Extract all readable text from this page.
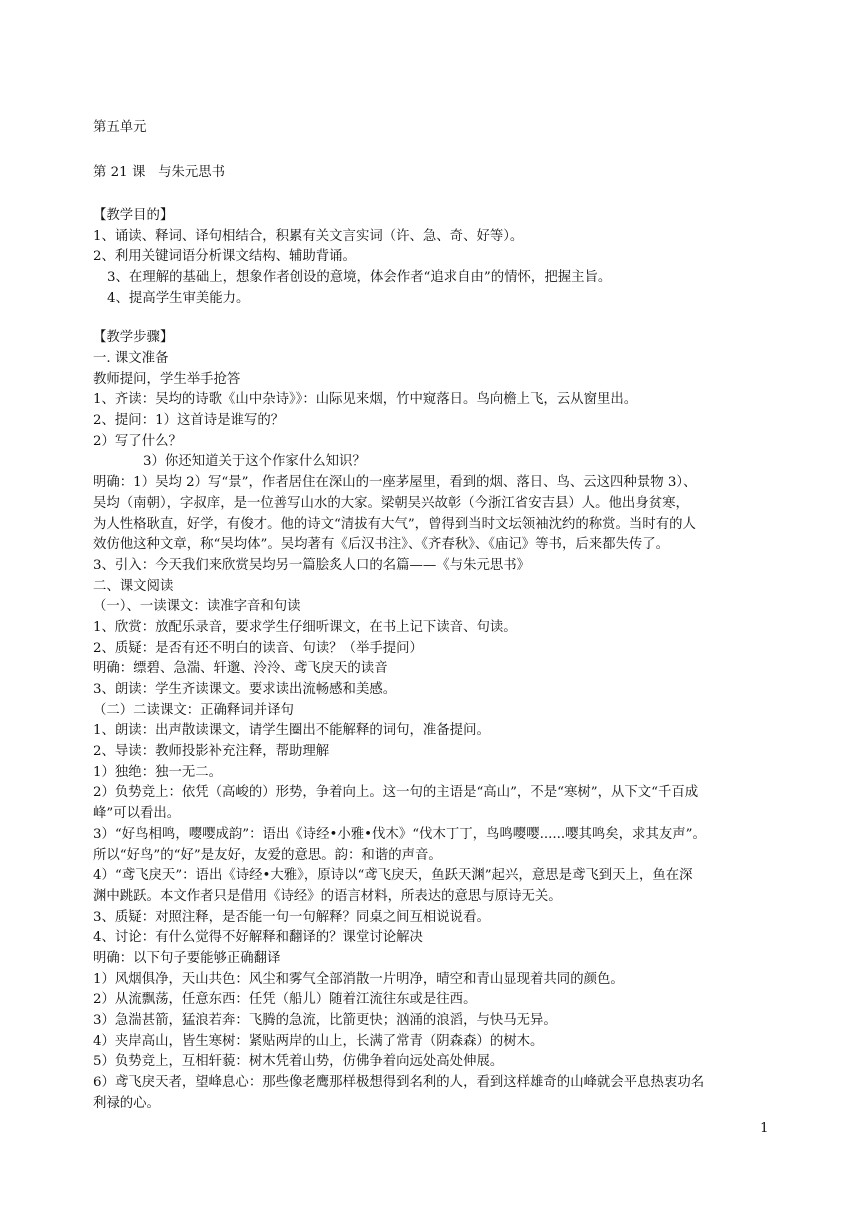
第五单元
第 21 课   与朱元思书
【教学目的】
1、诵读、释词、译句相结合，积累有关文言实词（许、急、奇、好等）。
2、利用关键词语分析课文结构、辅助背诵。
3、在理解的基础上，想象作者创设的意境，体会作者“追求自由”的情怀，把握主旨。
4、提高学生审美能力。
【教学步骤】
一. 课文准备
教师提问，学生举手抢答
1、齐读：吴均的诗歌《山中杂诗》》：山际见来烟，竹中窥落日。鸟向檐上飞，云从窗里出。
2、提问：1）这首诗是谁写的？
2）写了什么？
3）你还知道关于这个作家什么知识？
明确：1）吴均 2）写“景”，作者居住在深山的一座茅屋里，看到的烟、落日、鸟、云这四种景物 3）、
吴均（南朝），字叔庠，是一位善写山水的大家。梁朝吴兴故彰（今浙江省安吉县）人。他出身贫寒，
为人性格耿直，好学，有俊才。他的诗文“清拔有大气”，曾得到当时文坛领袖沈约的称赏。当时有的人
效仿他这种文章，称“吴均体”。吴均著有《后汉书注》、《齐春秋》、《庙记》等书，后来都失传了。
3、引入：今天我们来欣赏吴均另一篇脍炙人口的名篇——《与朱元思书》
二、课文阅读
（一）、一读课文：读准字音和句读
1、欣赏：放配乐录音，要求学生仔细听课文，在书上记下读音、句读。
2、质疑：是否有还不明白的读音、句读？（举手提问）
明确：缥碧、急湍、轩邈、泠泠、鸢飞戾天的读音
3、朗读：学生齐读课文。要求读出流畅感和美感。
（二）二读课文：正确释词并译句
1、朗读：出声散读课文，请学生圈出不能解释的词句，准备提问。
2、导读：教师投影补充注释，帮助理解
1）独绝：独一无二。
2）负势竞上：依凭（高峻的）形势，争着向上。这一句的主语是“高山”，不是“寒树”，从下文“千百成
峰”可以看出。
3）“好鸟相鸣，嘤嘤成韵”：语出《诗经•小雅•伐木》“伐木丁丁，鸟鸣嘤嘤......嘤其鸣矣，求其友声”。
所以“好鸟”的“好”是友好，友爱的意思。韵：和谐的声音。
4）“鸢飞戾天”：语出《诗经•大雅》，原诗以“鸢飞戾天，鱼跃天渊”起兴，意思是鸢飞到天上，鱼在深
渊中跳跃。本文作者只是借用《诗经》的语言材料，所表达的意思与原诗无关。
3、质疑：对照注释，是否能一句一句解释？同桌之间互相说说看。
4、讨论：有什么觉得不好解释和翻译的？课堂讨论解决
明确：以下句子要能够正确翻译
1）风烟俱净，天山共色：风尘和雾气全部消散一片明净，晴空和青山显现着共同的颜色。
2）从流飘荡，任意东西：任凭（船儿）随着江流往东或是往西。
3）急湍甚箭，猛浪若奔：飞腾的急流，比箭更快；汹涌的浪滔，与快马无异。
4）夹岸高山，皆生寒树：紧贴两岸的山上，长满了常青（阴森森）的树木。
5）负势竞上，互相轩藐：树木凭着山势，仿佛争着向远处高处伸展。
6）鸢飞戾天者，望峰息心：那些像老鹰那样极想得到名利的人，看到这样雄奇的山峰就会平息热衷功名
利禄的心。
1
